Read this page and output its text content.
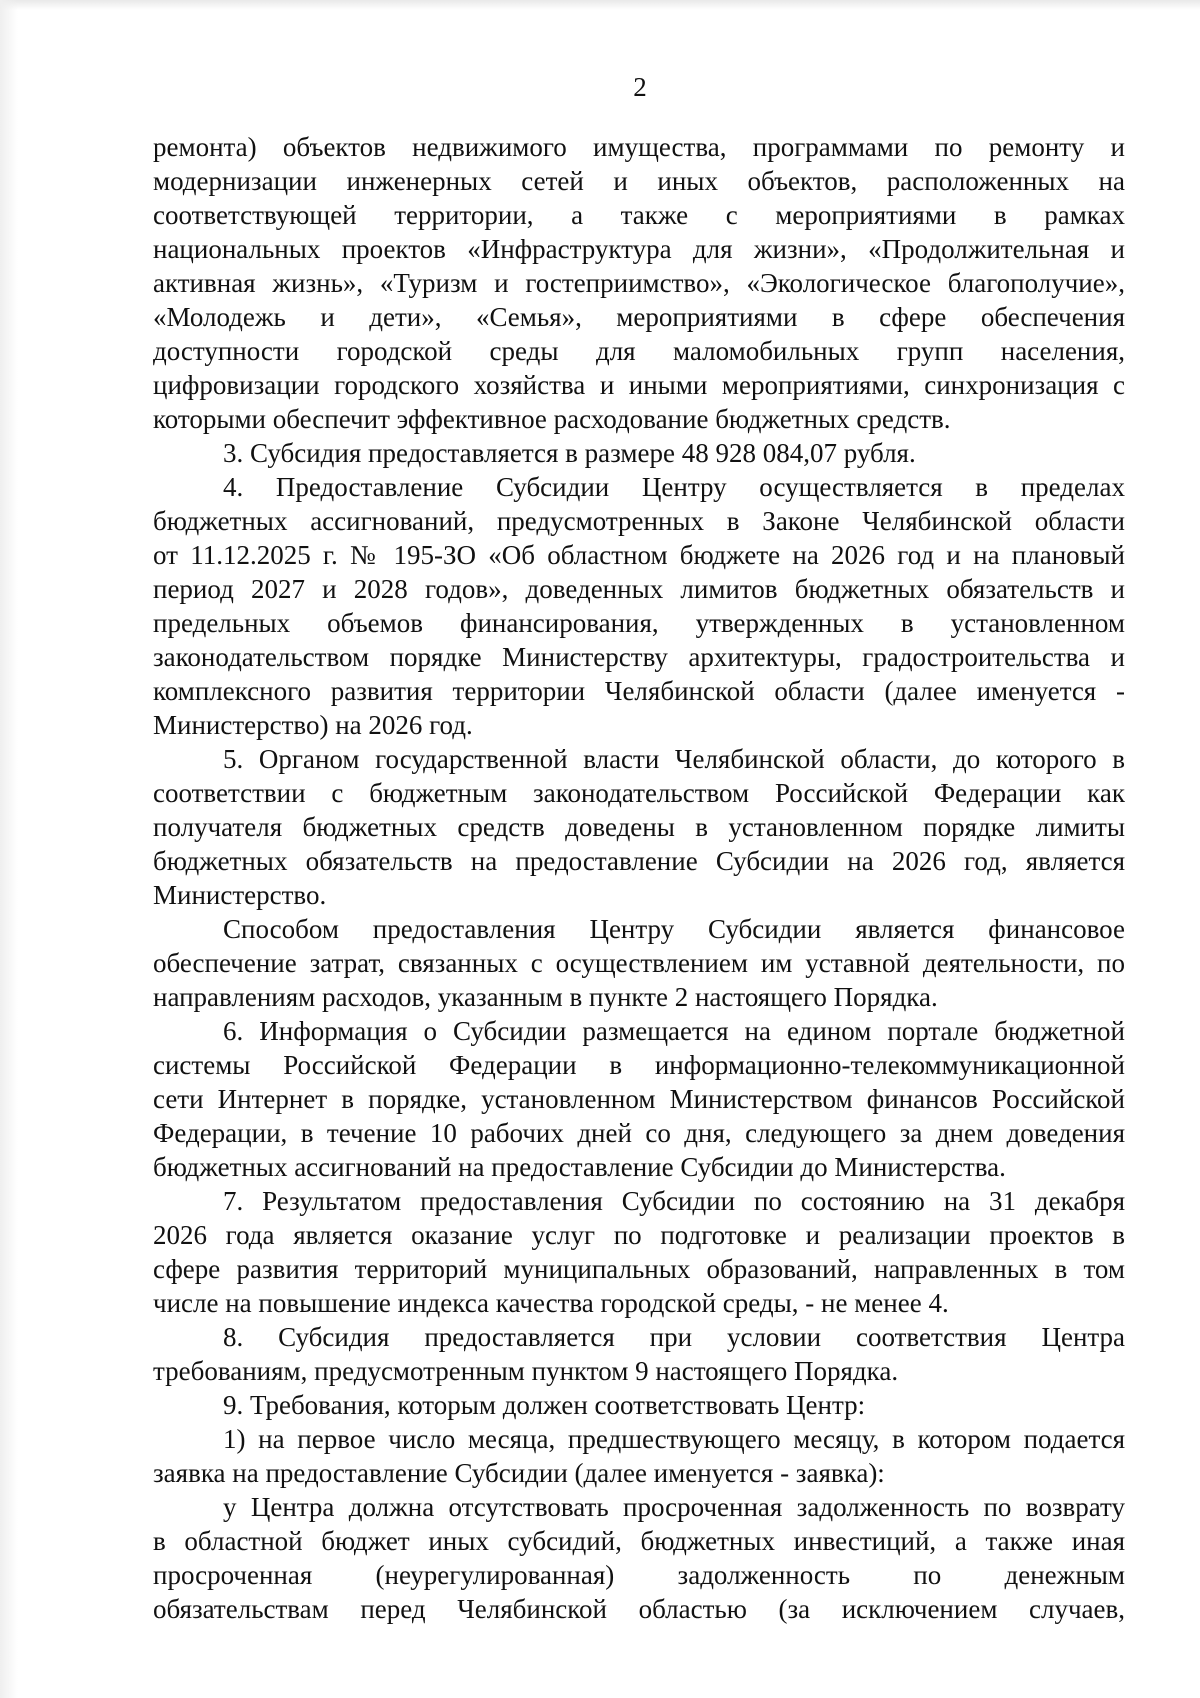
2
ремонта) объектов недвижимого имущества, программами по ремонту и
модернизации инженерных сетей и иных объектов, расположенных на
соответствующей территории, а также с мероприятиями в рамках
национальных проектов «Инфраструктура для жизни», «Продолжительная и
активная жизнь», «Туризм и гостеприимство», «Экологическое благополучие»,
«Молодежь и дети», «Семья», мероприятиями в сфере обеспечения
доступности городской среды для маломобильных групп населения,
цифровизации городского хозяйства и иными мероприятиями, синхронизация с
которыми обеспечит эффективное расходование бюджетных средств.
3. Субсидия предоставляется в размере 48 928 084,07 рубля.
4. Предоставление Субсидии Центру осуществляется в пределах
бюджетных ассигнований, предусмотренных в Законе Челябинской области
от 11.12.2025 г. № 195-ЗО «Об областном бюджете на 2026 год и на плановый
период 2027 и 2028 годов», доведенных лимитов бюджетных обязательств и
предельных объемов финансирования, утвержденных в установленном
законодательством порядке Министерству архитектуры, градостроительства и
комплексного развития территории Челябинской области (далее именуется -
Министерство) на 2026 год.
5. Органом государственной власти Челябинской области, до которого в
соответствии с бюджетным законодательством Российской Федерации как
получателя бюджетных средств доведены в установленном порядке лимиты
бюджетных обязательств на предоставление Субсидии на 2026 год, является
Министерство.
Способом предоставления Центру Субсидии является финансовое
обеспечение затрат, связанных с осуществлением им уставной деятельности, по
направлениям расходов, указанным в пункте 2 настоящего Порядка.
6. Информация о Субсидии размещается на едином портале бюджетной
системы Российской Федерации в информационно-телекоммуникационной
сети Интернет в порядке, установленном Министерством финансов Российской
Федерации, в течение 10 рабочих дней со дня, следующего за днем доведения
бюджетных ассигнований на предоставление Субсидии до Министерства.
7. Результатом предоставления Субсидии по состоянию на 31 декабря
2026 года является оказание услуг по подготовке и реализации проектов в
сфере развития территорий муниципальных образований, направленных в том
числе на повышение индекса качества городской среды, - не менее 4.
8. Субсидия предоставляется при условии соответствия Центра
требованиям, предусмотренным пунктом 9 настоящего Порядка.
9. Требования, которым должен соответствовать Центр:
1) на первое число месяца, предшествующего месяцу, в котором подается
заявка на предоставление Субсидии (далее именуется - заявка):
у Центра должна отсутствовать просроченная задолженность по возврату
в областной бюджет иных субсидий, бюджетных инвестиций, а также иная
просроченная (неурегулированная) задолженность по денежным
обязательствам перед Челябинской областью (за исключением случаев,
